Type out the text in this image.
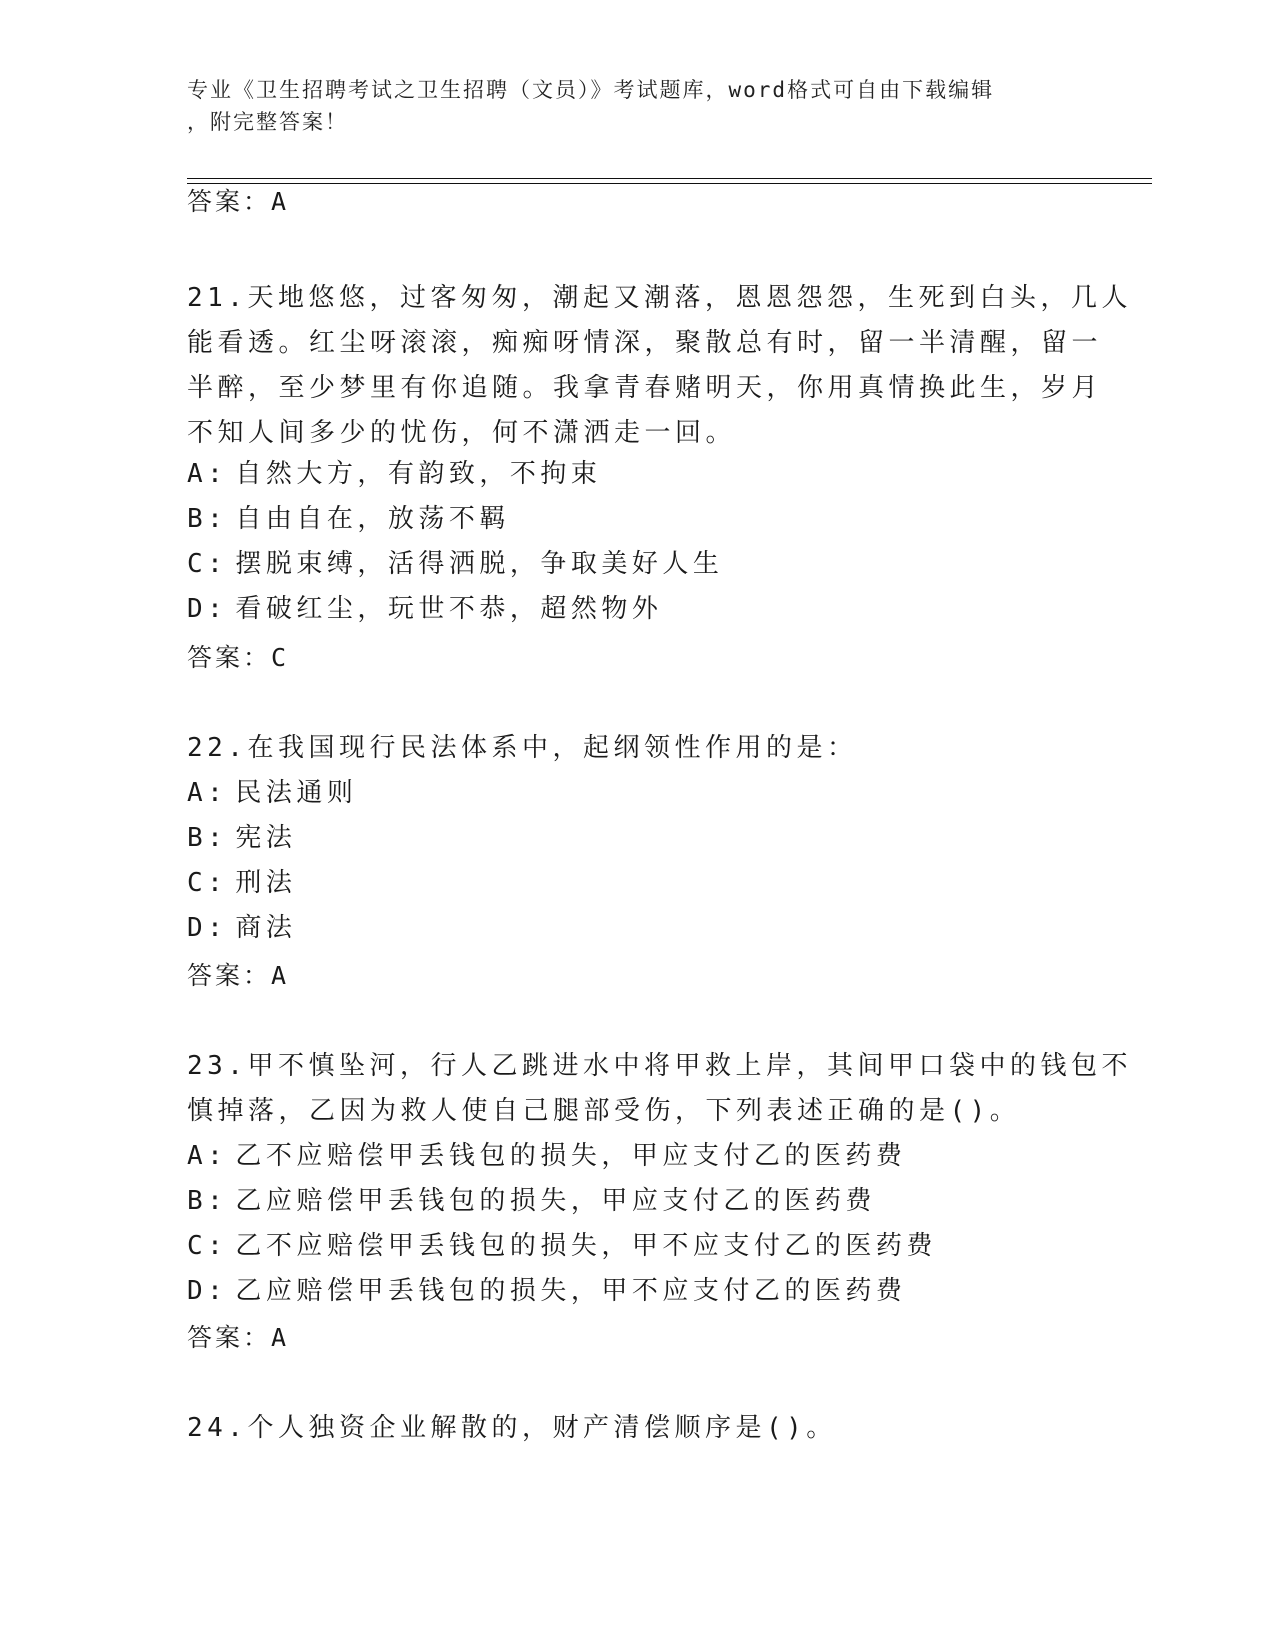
专业《卫生招聘考试之卫生招聘（文员）》考试题库，word格式可自由下载编辑
，附完整答案！
答案：A
21.天地悠悠，过客匆匆，潮起又潮落，恩恩怨怨，生死到白头，几人
能看透。红尘呀滚滚，痴痴呀情深，聚散总有时，留一半清醒，留一
半醉，至少梦里有你追随。我拿青春赌明天，你用真情换此生，岁月
不知人间多少的忧伤，何不潇洒走一回。
A: 自然大方，有韵致，不拘束
B: 自由自在，放荡不羁
C: 摆脱束缚，活得洒脱，争取美好人生
D: 看破红尘，玩世不恭，超然物外
答案：C
22.在我国现行民法体系中，起纲领性作用的是：
A: 民法通则
B: 宪法
C: 刑法
D: 商法
答案：A
23.甲不慎坠河，行人乙跳进水中将甲救上岸，其间甲口袋中的钱包不
慎掉落，乙因为救人使自己腿部受伤，下列表述正确的是()。
A: 乙不应赔偿甲丢钱包的损失，甲应支付乙的医药费
B: 乙应赔偿甲丢钱包的损失，甲应支付乙的医药费
C: 乙不应赔偿甲丢钱包的损失，甲不应支付乙的医药费
D: 乙应赔偿甲丢钱包的损失，甲不应支付乙的医药费
答案：A
24.个人独资企业解散的，财产清偿顺序是()。
